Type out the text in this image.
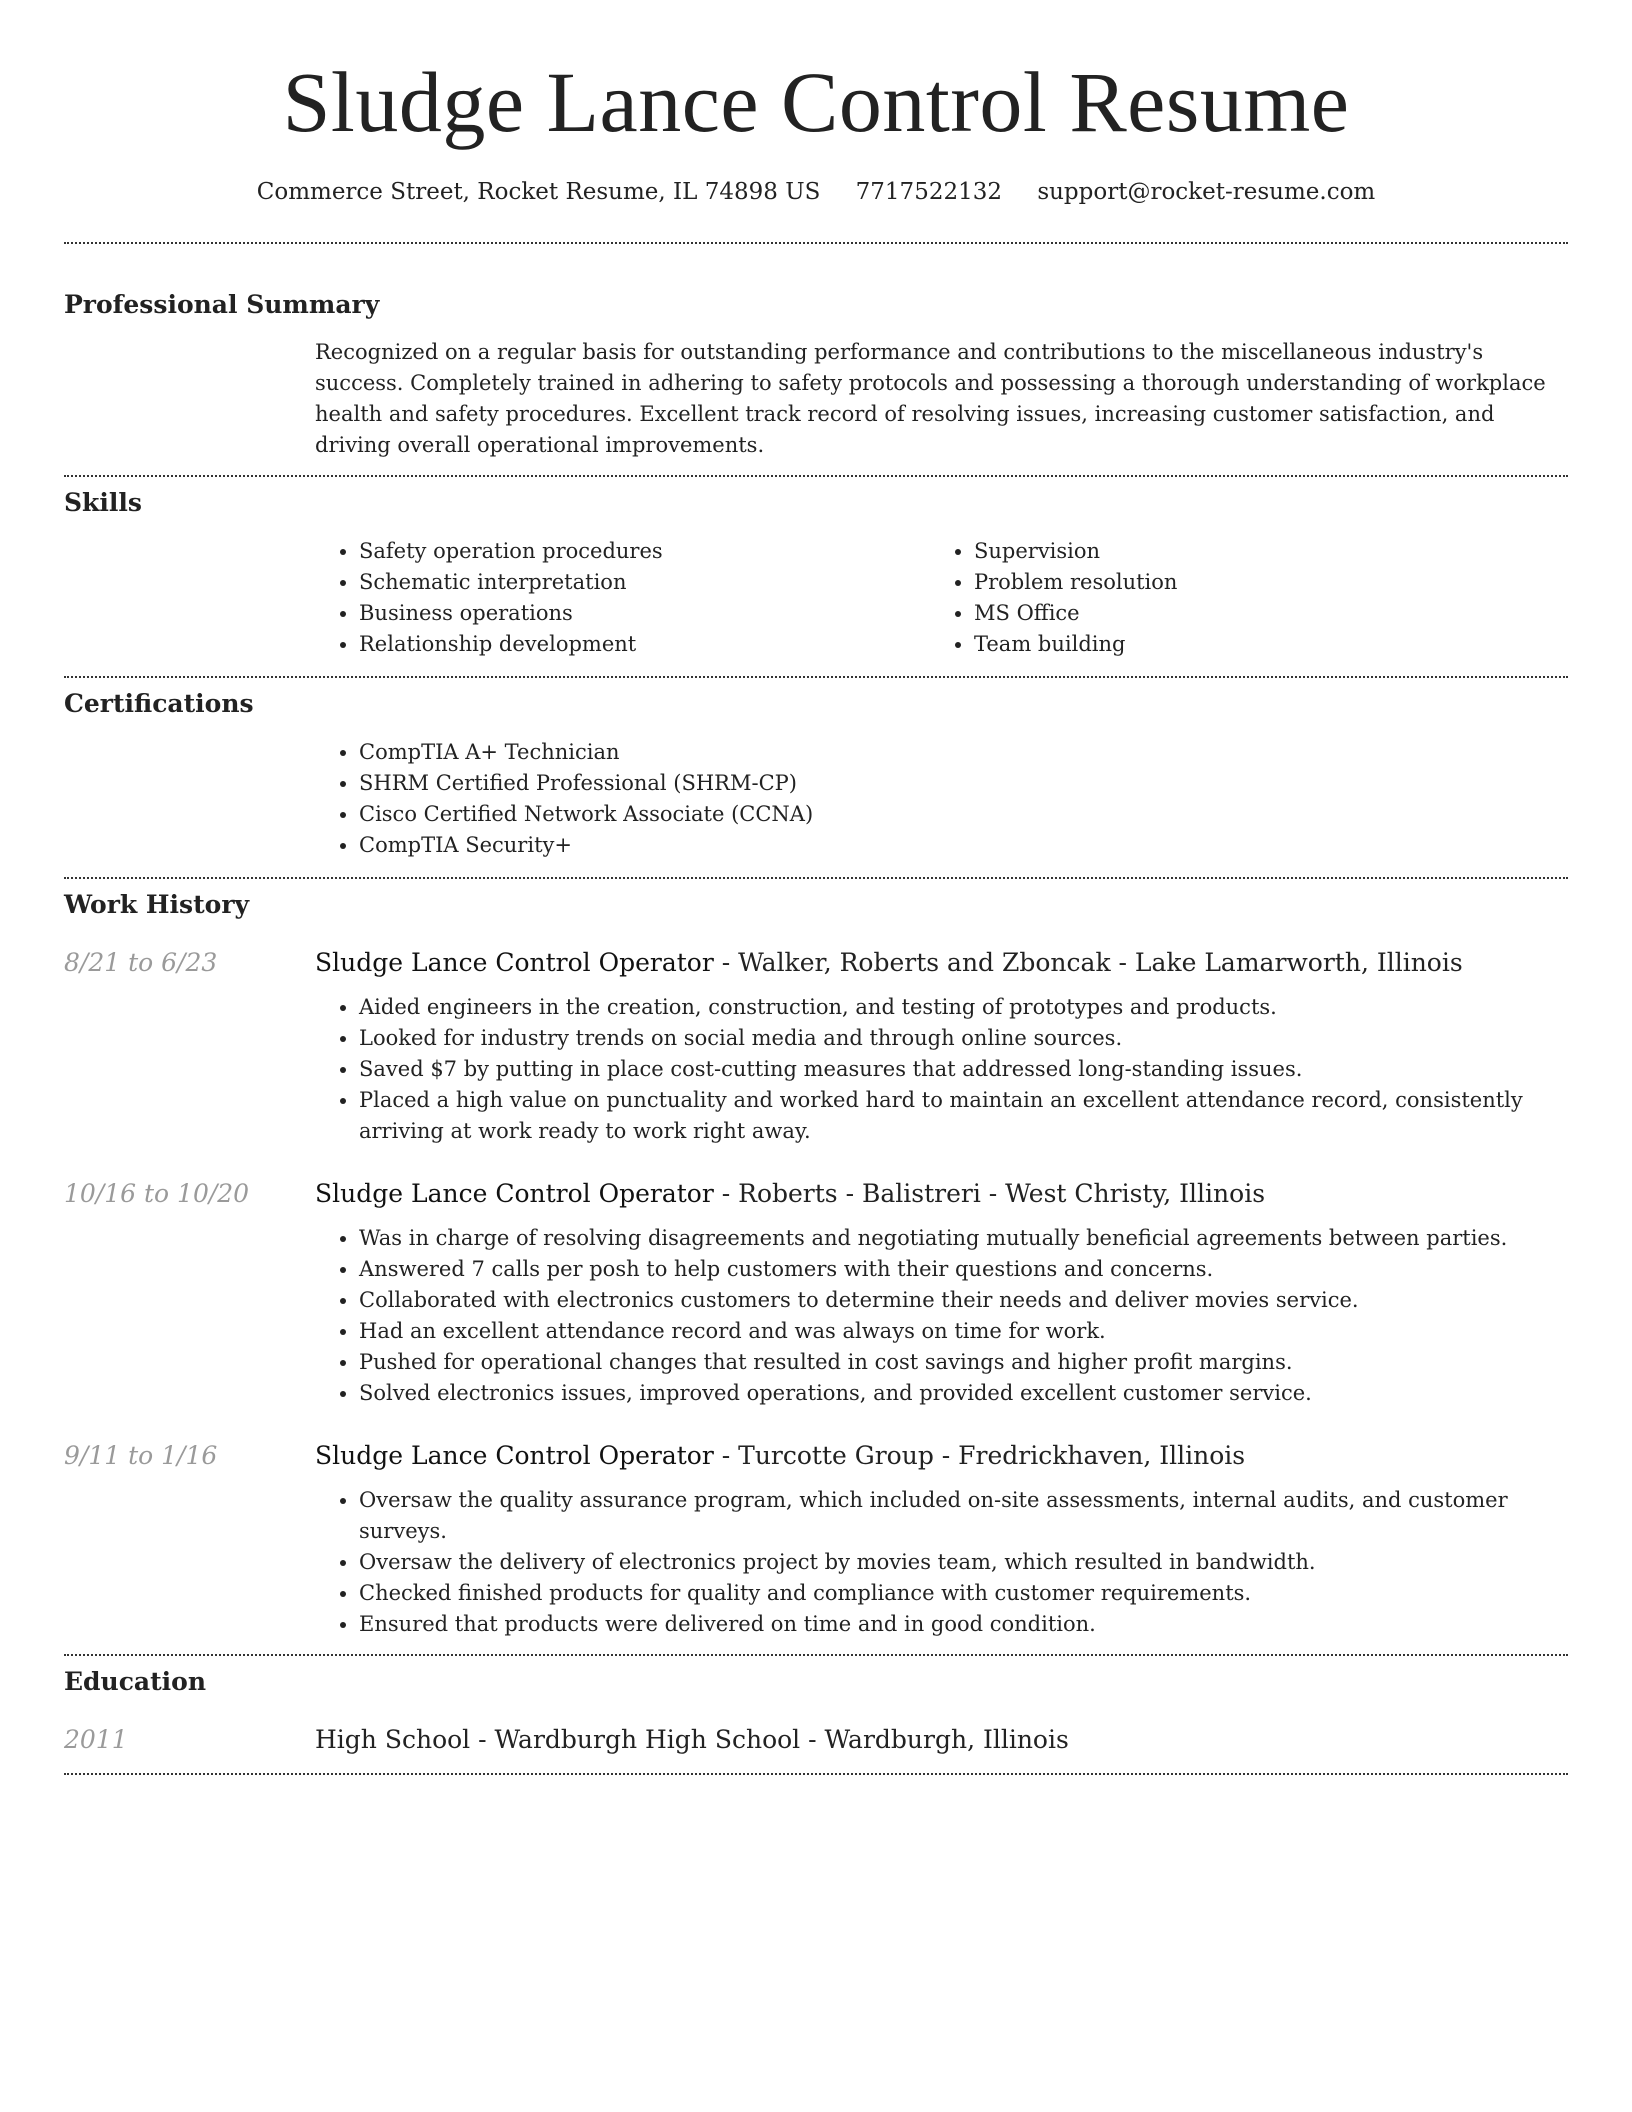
Sludge Lance Control Resume
Commerce Street, Rocket Resume, IL 74898 US 7717522132 support@rocket-resume.com
Professional Summary

Recognized on a regular basis for outstanding performance and contributions to the miscellaneous industry's success. Completely trained in adhering to safety protocols and possessing a thorough understanding of workplace health and safety procedures. Excellent track record of resolving issues, increasing customer satisfaction, and driving overall operational improvements.

Skills
• Safety operation procedures
• Schematic interpretation
• Business operations
• Relationship development
• Supervision
• Problem resolution
• MS Office
• Team building
Certifications
• CompTIA A+ Technician
• SHRM Certified Professional (SHRM-CP)
• Cisco Certified Network Associate (CCNA)
• CompTIA Security+
Work History
8/21 to 6/23	Sludge Lance Control Operator - Walker, Roberts and Zboncak - Lake Lamarworth, Illinois
• Aided engineers in the creation, construction, and testing of prototypes and products.
• Looked for industry trends on social media and through online sources.
• Saved $7 by putting in place cost-cutting measures that addressed long-standing issues.
• Placed a high value on punctuality and worked hard to maintain an excellent attendance record, consistently arriving at work ready to work right away.
10/16 to 10/20	Sludge Lance Control Operator - Roberts - Balistreri - West Christy, Illinois
• Was in charge of resolving disagreements and negotiating mutually beneficial agreements between parties.
• Answered 7 calls per posh to help customers with their questions and concerns.
• Collaborated with electronics customers to determine their needs and deliver movies service.
• Had an excellent attendance record and was always on time for work.
• Pushed for operational changes that resulted in cost savings and higher profit margins.
• Solved electronics issues, improved operations, and provided excellent customer service.
9/11 to 1/16	Sludge Lance Control Operator - Turcotte Group - Fredrickhaven, Illinois
• Oversaw the quality assurance program, which included on-site assessments, internal audits, and customer surveys.
• Oversaw the delivery of electronics project by movies team, which resulted in bandwidth.
• Checked finished products for quality and compliance with customer requirements.
• Ensured that products were delivered on time and in good condition.
Education
2011	High School - Wardburgh High School - Wardburgh, Illinois
